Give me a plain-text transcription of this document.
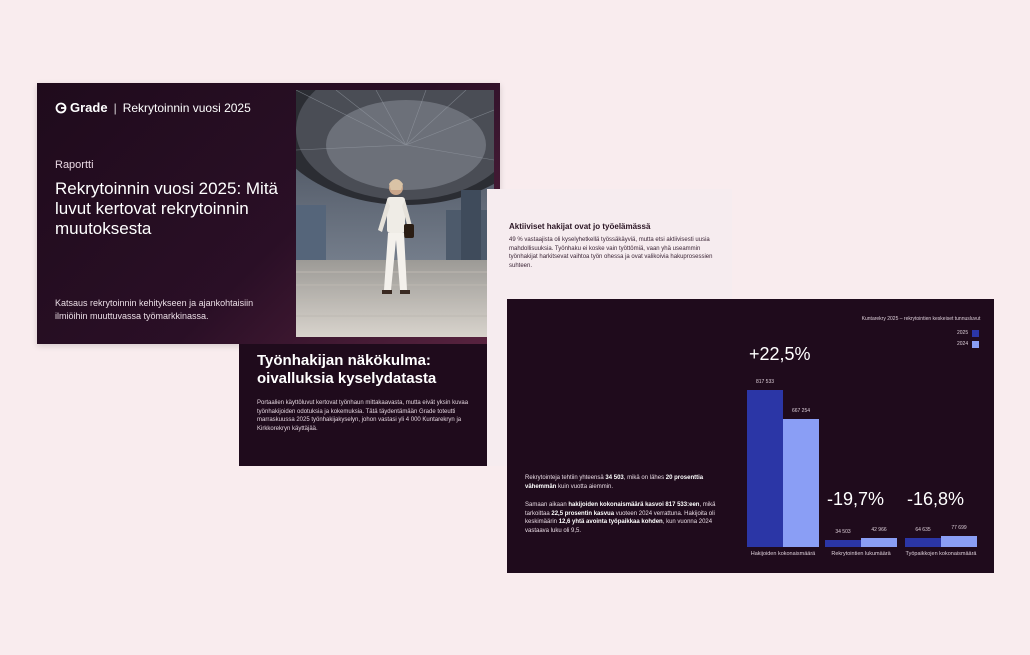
Grade | Rekrytoinnin vuosi 2025
Raportti
Rekrytoinnin vuosi 2025: Mitä luvut kertovat rekrytoinnin muutoksesta

Katsaus rekrytoinnin kehitykseen ja ajankohtaisiin ilmiöihin muuttuvassa työmarkkinassa.

Työnhakijan näkökulma: oivalluksia kyselydatasta

Portaalien käyttöluvut kertovat työnhaun mittakaavasta, mutta eivät yksin kuvaa työnhakijoiden odotuksia ja kokemuksia. Tätä täydentämään Grade toteutti marraskuussa 2025 työnhakijakyselyn, johon vastasi yli 4 000 Kuntarekryn ja Kirkkorekryn käyttäjää.

Aktiiviset hakijat ovat jo työelämässä

49 % vastaajista oli kyselyhetkellä työssäkäyviä, mutta etsi aktiivisesti uusia mahdollisuuksia. Työnhaku ei koske vain työttömiä, vaan yhä useammin työnhakijat harkitsevat vaihtoa työn ohessa ja ovat valikoivia hakuprosessien suhteen.

Kuntarekry 2025 – rekrytointien keskeiset tunnusluvut
2025
2024
817 533
667 254
+22,5%
Hakijoiden kokonaismäärä
34 503	42 966
-19,7%
Rekrytointien lukumäärä
64 635	77 699
-16,8%
Työpaikkojen kokonaismäärä

Rekrytointeja tehtiin yhteensä 34 503, mikä on lähes 20 prosenttia vähemmän kuin vuotta aiemmin.

Samaan aikaan hakijoiden kokonaismäärä kasvoi 817 533:een, mikä tarkoittaa 22,5 prosentin kasvua vuoteen 2024 verrattuna. Hakijoita oli keskimäärin 12,6 yhtä avointa työpaikkaa kohden, kun vuonna 2024 vastaava luku oli 9,5.
